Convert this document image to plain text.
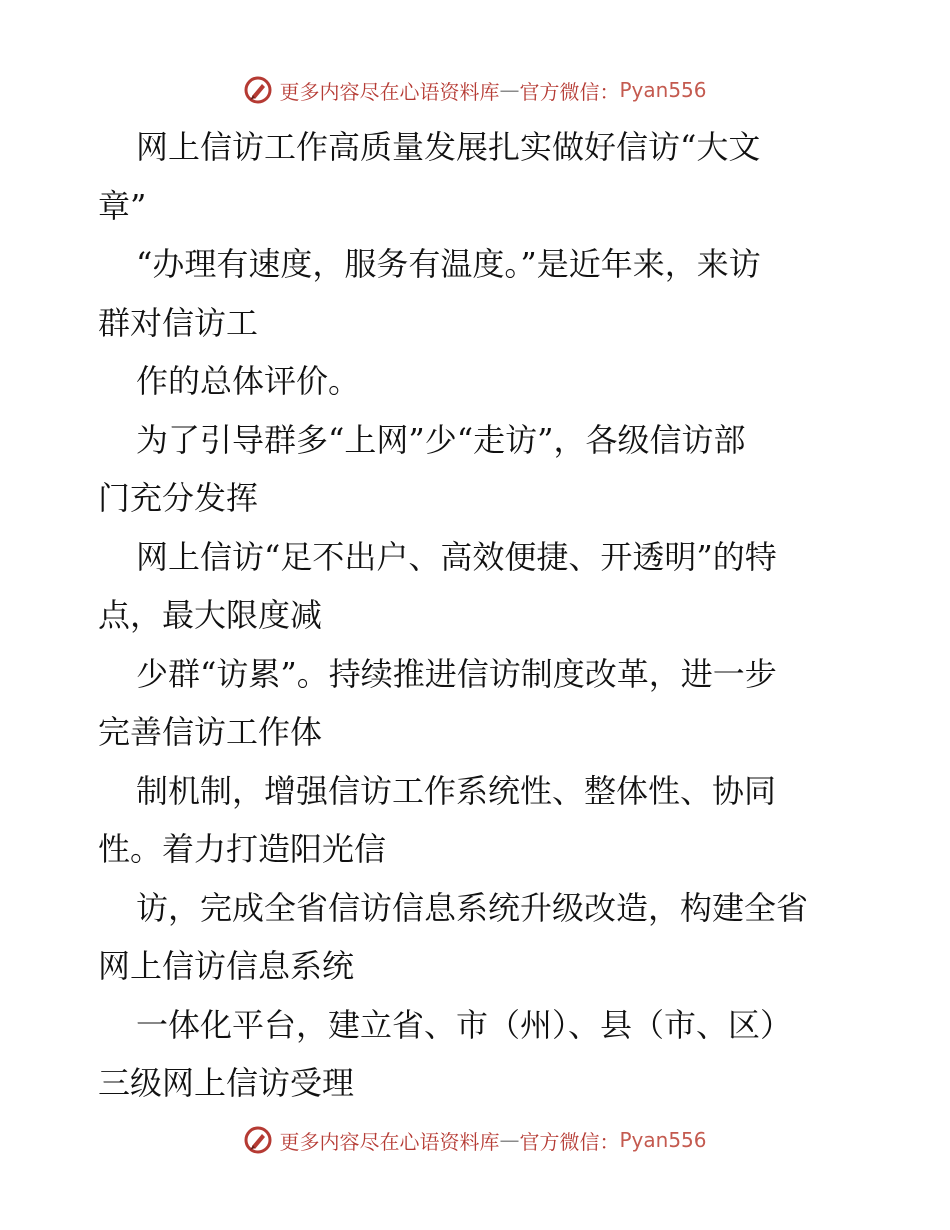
更多内容尽在心语资料库 — 官方微信： Pyan556

网上信访工作高质量发展扎实做好信访“大文
章”

“办理有速度，服务有温度。”是近年来，来访
群对信访工

作的总体评价。

为了引导群多“上网”少“走访”，各级信访部
门充分发挥

网上信访“足不出户、高效便捷、开透明”的特
点，最大限度减

少群“访累”。持续推进信访制度改革，进一步
完善信访工作体

制机制，增强信访工作系统性、整体性、协同
性。着力打造阳光信

访，完成全省信访信息系统升级改造，构建全省
网上信访信息系统

一体化平台，建立省、市（州）、县（市、区）
三级网上信访受理

更多内容尽在心语资料库 — 官方微信： Pyan556
